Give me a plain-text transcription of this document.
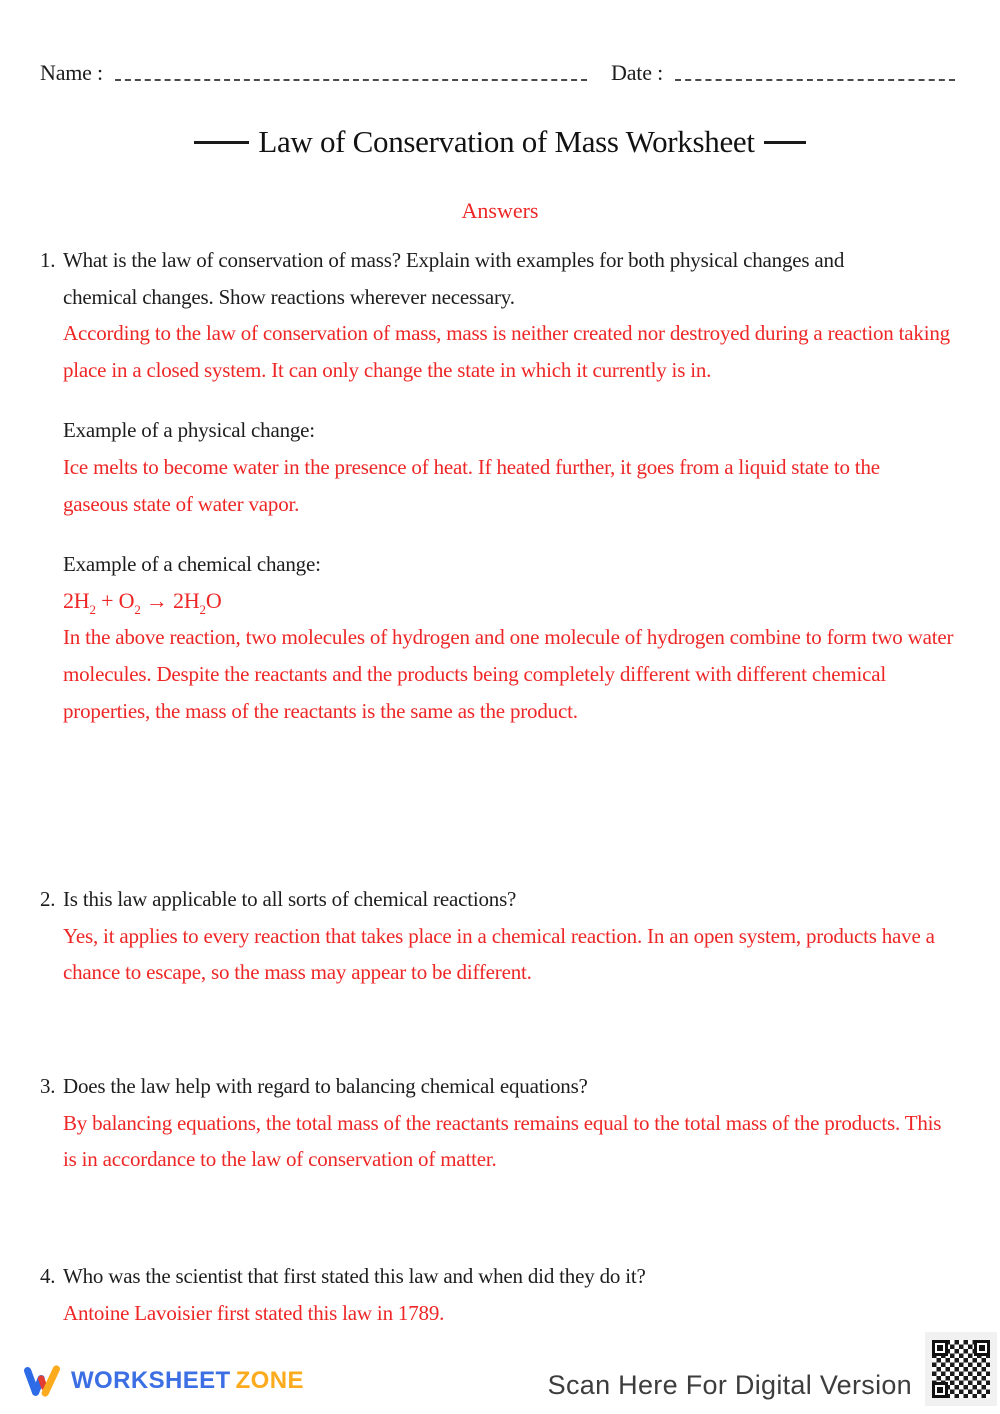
Name :	Date :
Law of Conservation of Mass Worksheet
Answers

1. What is the law of conservation of mass? Explain with examples for both physical changes and chemical changes. Show reactions wherever necessary.

According to the law of conservation of mass, mass is neither created nor destroyed during a reaction taking place in a closed system. It can only change the state in which it currently is in.

Example of a physical change:

Ice melts to become water in the presence of heat. If heated further, it goes from a liquid state to the gaseous state of water vapor.

Example of a chemical change:

$2H_2 + O_2 \to 2H_2O$

In the above reaction, two molecules of hydrogen and one molecule of hydrogen combine to form two water molecules. Despite the reactants and the products being completely different with different chemical properties, the mass of the reactants is the same as the product.

2. Is this law applicable to all sorts of chemical reactions?

Yes, it applies to every reaction that takes place in a chemical reaction. In an open system, products have a chance to escape, so the mass may appear to be different.

3. Does the law help with regard to balancing chemical equations?

By balancing equations, the total mass of the reactants remains equal to the total mass of the products. This is in accordance to the law of conservation of matter.

4. Who was the scientist that first stated this law and when did they do it?

Antoine Lavoisier first stated this law in 1789.

WORKSHEET ZONE	Scan Here For Digital Version
